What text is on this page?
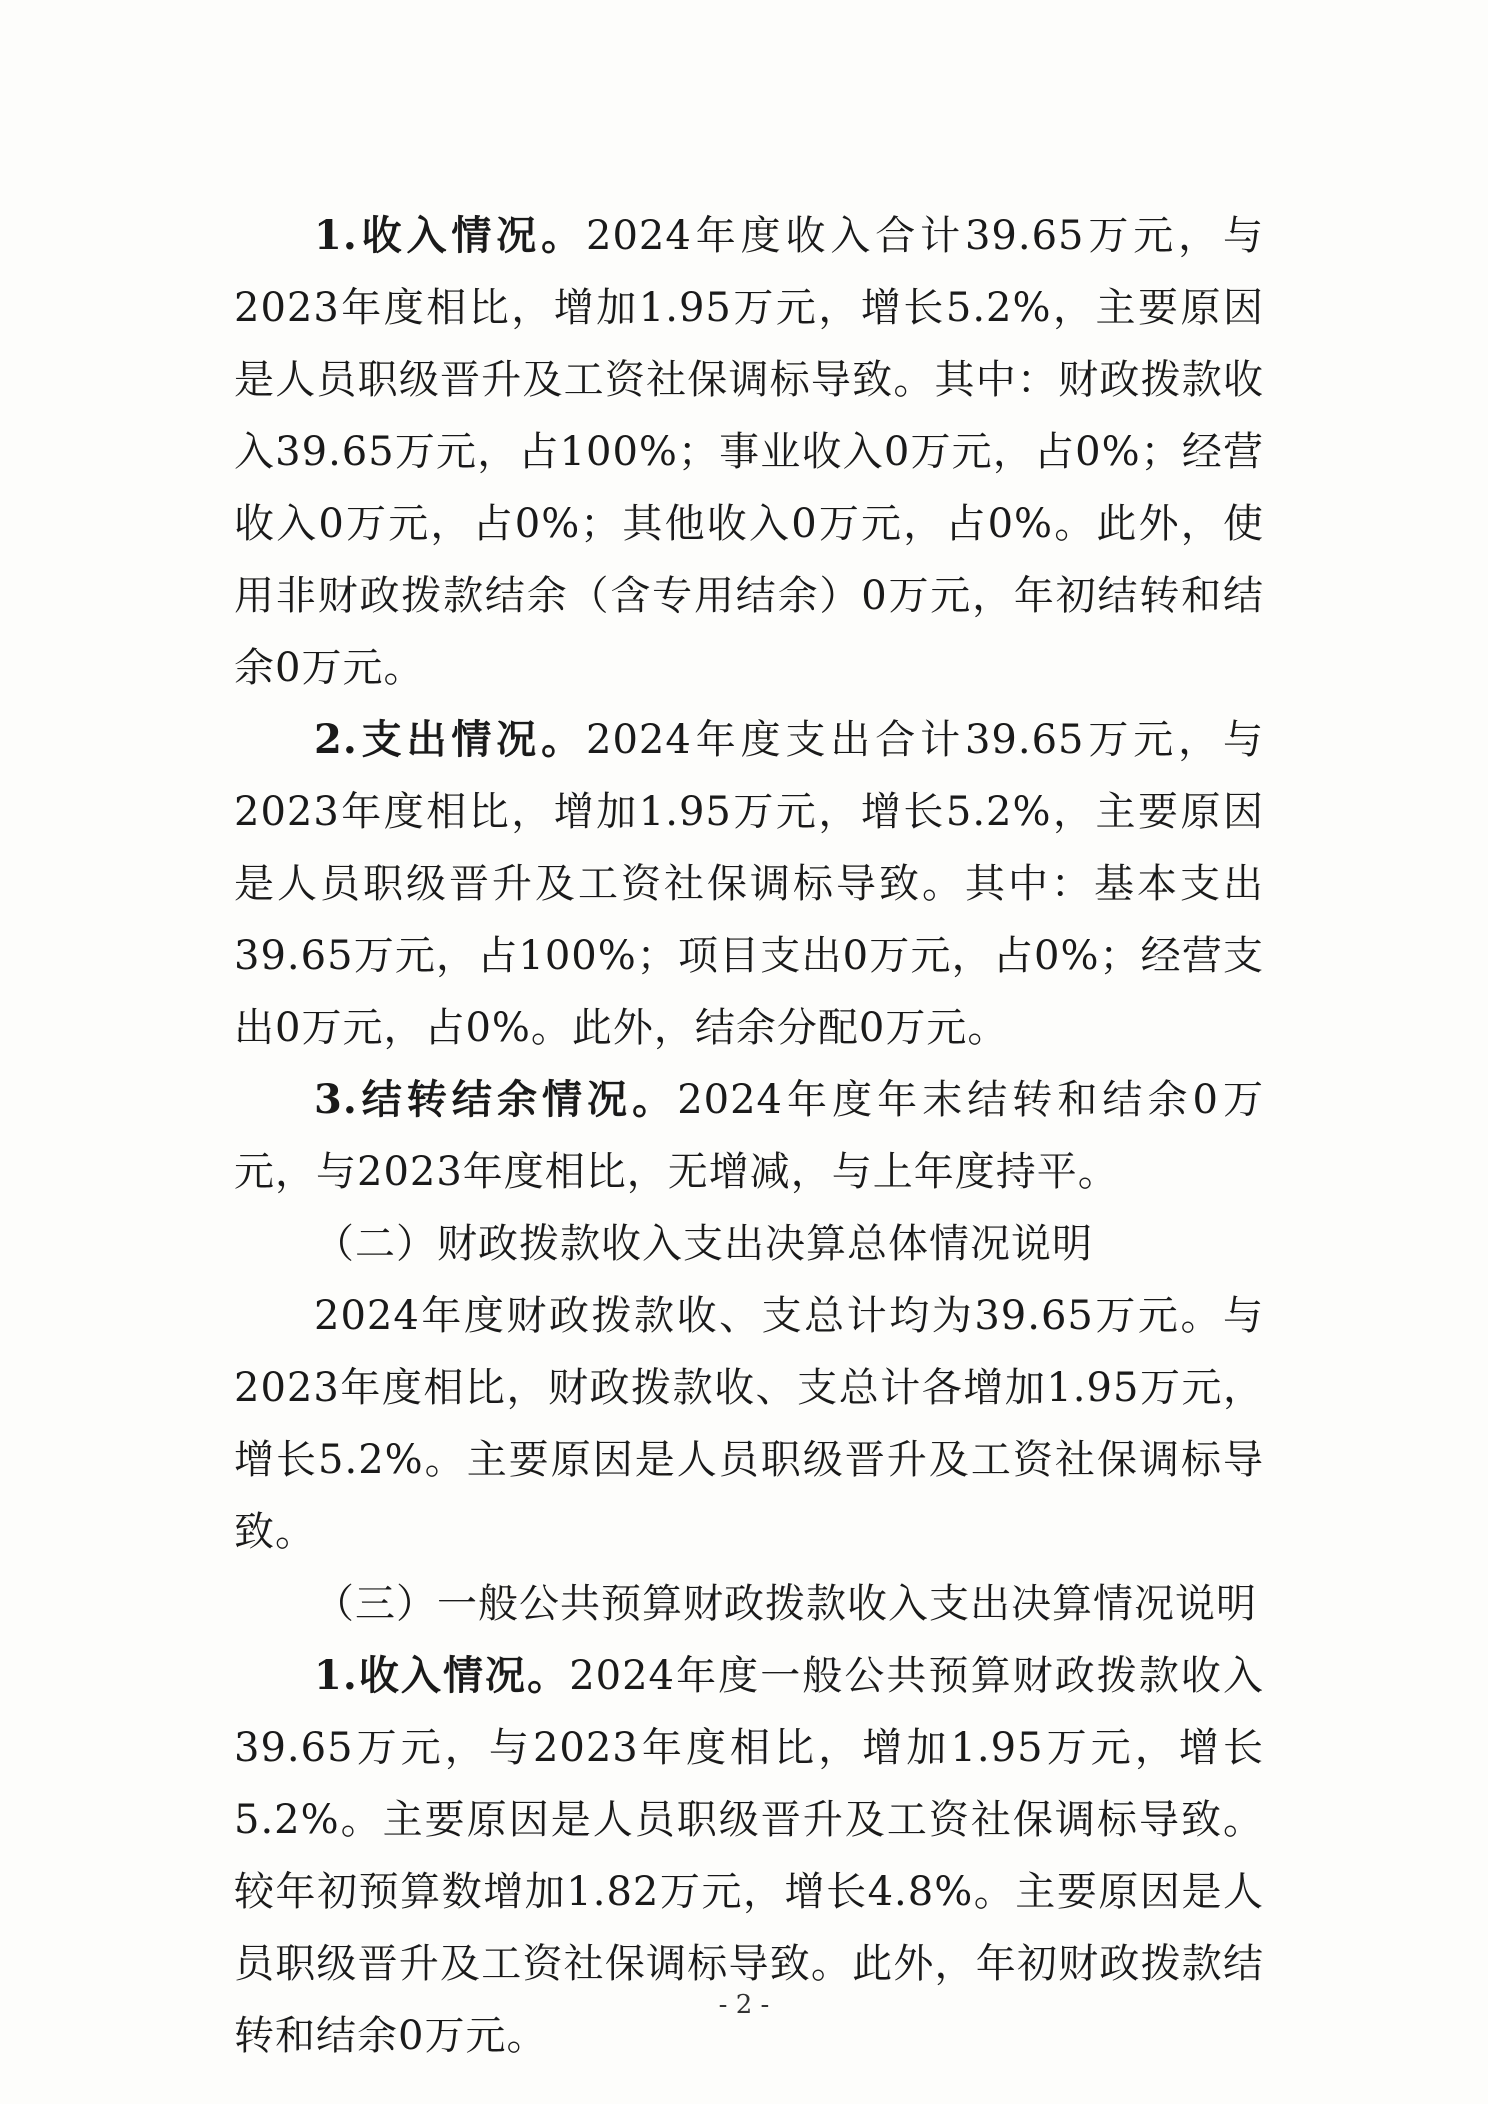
1.收入情况。2024年度收入合计39.65万元，与2023年度相比，增加1.95万元，增长5.2%，主要原因是人员职级晋升及工资社保调标导致。其中：财政拨款收入39.65万元，占100%；事业收入0万元，占0%；经营收入0万元，占0%；其他收入0万元，占0%。此外，使用非财政拨款结余（含专用结余）0万元，年初结转和结余0万元。

2.支出情况。2024年度支出合计39.65万元，与2023年度相比，增加1.95万元，增长5.2%，主要原因是人员职级晋升及工资社保调标导致。其中：基本支出39.65万元，占100%；项目支出0万元，占0%；经营支出0万元，占0%。此外，结余分配0万元。

3.结转结余情况。2024年度年末结转和结余0万元，与2023年度相比，无增减，与上年度持平。

（二）财政拨款收入支出决算总体情况说明

2024年度财政拨款收、支总计均为39.65万元。与2023年度相比，财政拨款收、支总计各增加1.95万元，增长5.2%。主要原因是人员职级晋升及工资社保调标导致。

（三）一般公共预算财政拨款收入支出决算情况说明

1.收入情况。2024年度一般公共预算财政拨款收入39.65万元，与2023年度相比，增加1.95万元，增长5.2%。主要原因是人员职级晋升及工资社保调标导致。较年初预算数增加1.82万元，增长4.8%。主要原因是人员职级晋升及工资社保调标导致。此外，年初财政拨款结转和结余0万元。

- 2 -
